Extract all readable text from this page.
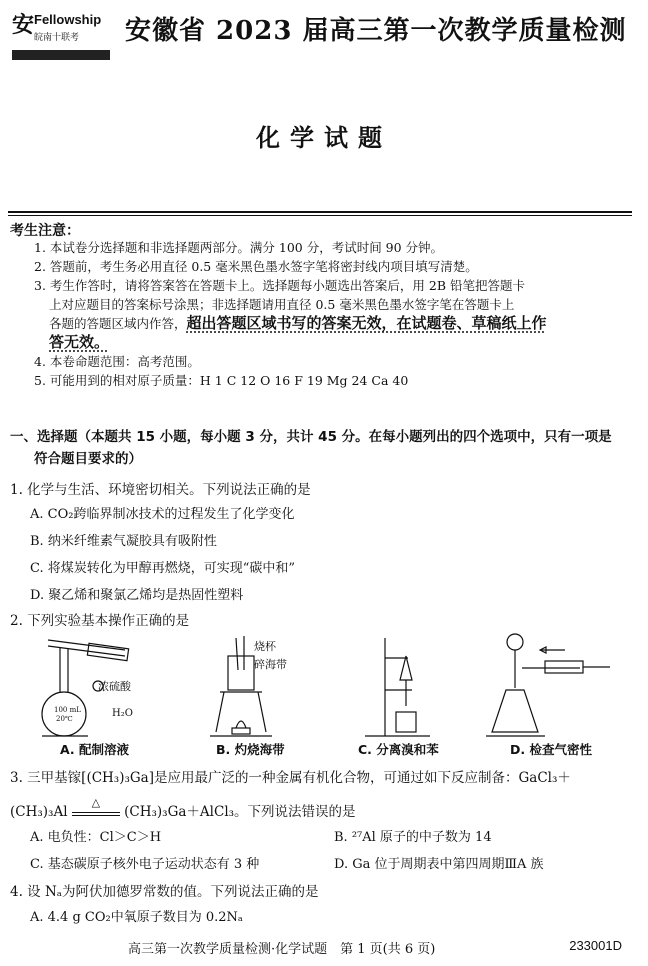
安 Fellowship
皖南十联考 安徽省 2023 届高三第一次教学质量检测
化学试题
考生注意：

1. 本试卷分选择题和非选择题两部分。满分 100 分，考试时间 90 分钟。

2. 答题前，考生务必用直径 0.5 毫米黑色墨水签字笔将密封线内项目填写清楚。

3. 考生作答时，请将答案答在答题卡上。选择题每小题选出答案后，用 2B 铅笔把答题卡

上对应题目的答案标号涂黑；非选择题请用直径 0.5 毫米黑色墨水签字笔在答题卡上

各题的答题区域内作答，超出答题区域书写的答案无效，在试题卷、草稿纸上作

答无效。

4. 本卷命题范围：高考范围。

5. 可能用到的相对原子质量：H 1 C 12 O 16 F 19 Mg 24 Ca 40

一、选择题（本题共 15 小题，每小题 3 分，共计 45 分。在每小题列出的四个选项中，只有一项是
符合题目要求的）
1. 化学与生活、环境密切相关。下列说法正确的是
A. CO₂跨临界制冰技术的过程发生了化学变化
B. 纳米纤维素气凝胶具有吸附性
C. 将煤炭转化为甲醇再燃烧，可实现“碳中和”
D. 聚乙烯和聚氯乙烯均是热固性塑料
2. 下列实验基本操作正确的是
浓硫酸
H₂O
100 mL
20℃
烧杯
碎海带
A. 配制溶液	B. 灼烧海带	C. 分离溴和苯	D. 检查气密性
3. 三甲基镓[(CH₃)₃Ga]是应用最广泛的一种金属有机化合物，可通过如下反应制备：GaCl₃＋
(CH₃)₃Al
△
(CH₃)₃Ga＋AlCl₃。下列说法错误的是
A. 电负性：Cl＞C＞H	B. ²⁷Al 原子的中子数为 14
C. 基态碳原子核外电子运动状态有 3 种	D. Ga 位于周期表中第四周期ⅢA 族
4. 设 Nₐ为阿伏加德罗常数的值。下列说法正确的是
A. 4.4 g CO₂中氧原子数目为 0.2Nₐ
高三第一次教学质量检测·化学试题　第 1 页(共 6 页)	233001D
